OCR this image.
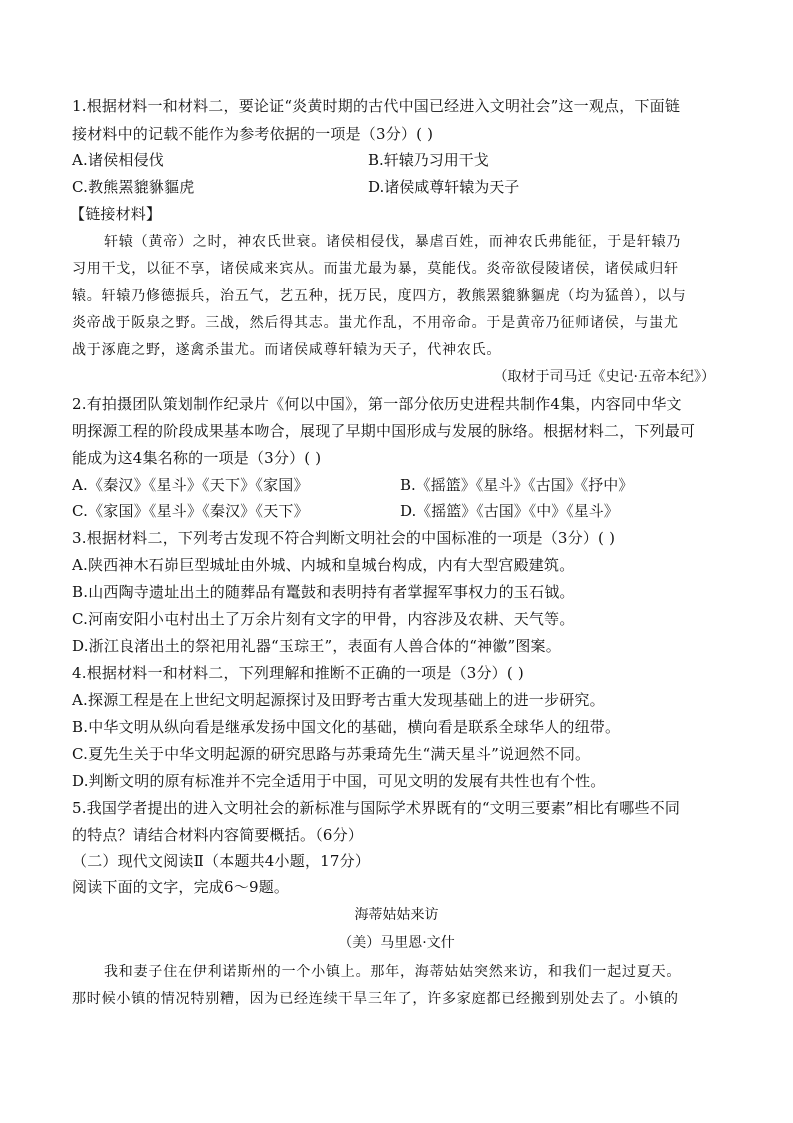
1.根据材料一和材料二，要论证“炎黄时期的古代中国已经进入文明社会”这一观点，下面链
接材料中的记载不能作为参考依据的一项是（3分）( )
A.诸侯相侵伐	B.轩辕乃习用干戈
C.教熊罴貔貅貙虎	D.诸侯咸尊轩辕为天子
【链接材料】
轩辕（黄帝）之时，神农氏世衰。诸侯相侵伐，暴虐百姓，而神农氏弗能征，于是轩辕乃
习用干戈，以征不享，诸侯咸来宾从。而蚩尤最为暴，莫能伐。炎帝欲侵陵诸侯，诸侯咸归轩
辕。轩辕乃修德振兵，治五气，艺五种，抚万民，度四方，教熊罴貔貅貙虎（均为猛兽），以与
炎帝战于阪泉之野。三战，然后得其志。蚩尤作乱，不用帝命。于是黄帝乃征师诸侯，与蚩尤
战于涿鹿之野，遂禽杀蚩尤。而诸侯咸尊轩辕为天子，代神农氏。
（取材于司马迁《史记·五帝本纪》）
2.有拍摄团队策划制作纪录片《何以中国》，第一部分依历史进程共制作4集，内容同中华文
明探源工程的阶段成果基本吻合，展现了早期中国形成与发展的脉络。根据材料二，下列最可
能成为这4集名称的一项是（3分）( )
A.《秦汉》《星斗》《天下》《家国》	B.《摇篮》《星斗》《古国》《抒中》
C.《家国》《星斗》《秦汉》《天下》	D.《摇篮》《古国》《中》《星斗》
3.根据材料二，下列考古发现不符合判断文明社会的中国标准的一项是（3分）( )
A.陕西神木石峁巨型城址由外城、内城和皇城台构成，内有大型宫殿建筑。
B.山西陶寺遗址出土的随葬品有鼍鼓和表明持有者掌握军事权力的玉石钺。
C.河南安阳小屯村出土了万余片刻有文字的甲骨，内容涉及农耕、天气等。
D.浙江良渚出土的祭祀用礼器“玉琮王”，表面有人兽合体的“神徽”图案。
4.根据材料一和材料二，下列理解和推断不正确的一项是（3分）( )
A.探源工程是在上世纪文明起源探讨及田野考古重大发现基础上的进一步研究。
B.中华文明从纵向看是继承发扬中国文化的基础，横向看是联系全球华人的纽带。
C.夏先生关于中华文明起源的研究思路与苏秉琦先生“满天星斗”说迥然不同。
D.判断文明的原有标准并不完全适用于中国，可见文明的发展有共性也有个性。
5.我国学者提出的进入文明社会的新标准与国际学术界既有的“文明三要素”相比有哪些不同
的特点？请结合材料内容简要概括。（6分）
（二）现代文阅读Ⅱ（本题共4小题，17分）
阅读下面的文字，完成6～9题。
海蒂姑姑来访
（美）马里恩·文什
我和妻子住在伊利诺斯州的一个小镇上。那年，海蒂姑姑突然来访，和我们一起过夏天。
那时候小镇的情况特别糟，因为已经连续干旱三年了，许多家庭都已经搬到别处去了。小镇的
